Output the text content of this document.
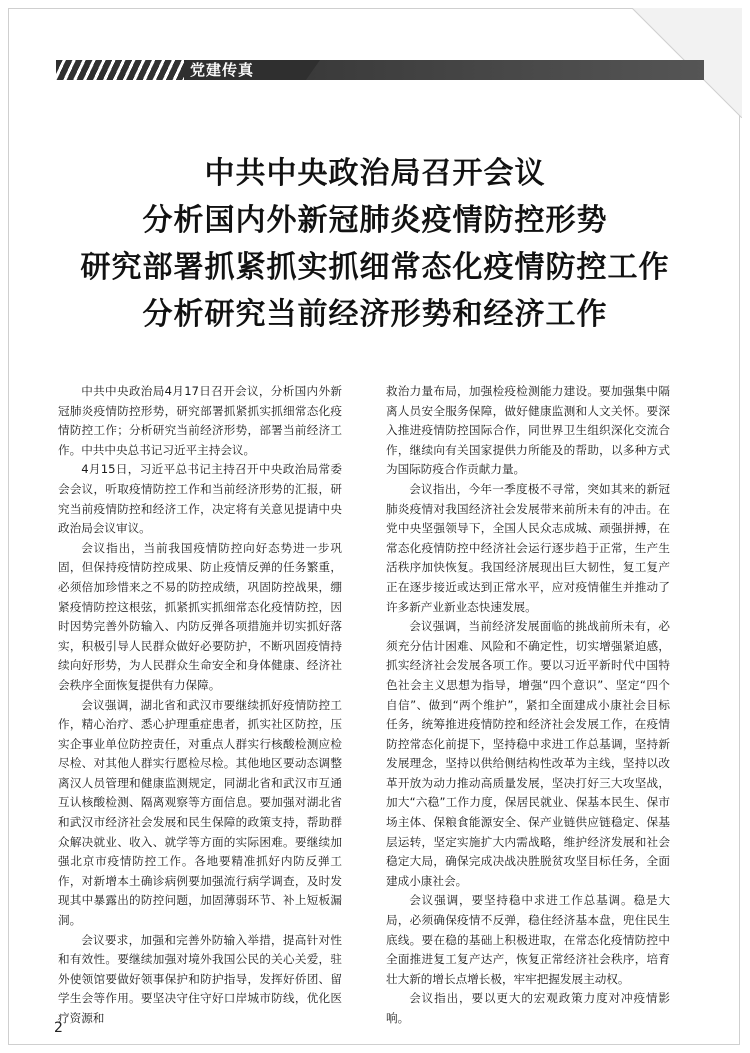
党建传真
中共中央政治局召开会议
分析国内外新冠肺炎疫情防控形势
研究部署抓紧抓实抓细常态化疫情防控工作
分析研究当前经济形势和经济工作

中共中央政治局4月17日召开会议，分析国内外新冠肺炎疫情防控形势，研究部署抓紧抓实抓细常态化疫情防控工作；分析研究当前经济形势，部署当前经济工作。中共中央总书记习近平主持会议。

4月15日，习近平总书记主持召开中央政治局常委会会议，听取疫情防控工作和当前经济形势的汇报，研究当前疫情防控和经济工作，决定将有关意见提请中央政治局会议审议。

会议指出，当前我国疫情防控向好态势进一步巩固，但保持疫情防控成果、防止疫情反弹的任务繁重，必须倍加珍惜来之不易的防控成绩，巩固防控战果，绷紧疫情防控这根弦，抓紧抓实抓细常态化疫情防控，因时因势完善外防输入、内防反弹各项措施并切实抓好落实，积极引导人民群众做好必要防护，不断巩固疫情持续向好形势，为人民群众生命安全和身体健康、经济社会秩序全面恢复提供有力保障。

会议强调，湖北省和武汉市要继续抓好疫情防控工作，精心治疗、悉心护理重症患者，抓实社区防控，压实企事业单位防控责任，对重点人群实行核酸检测应检尽检、对其他人群实行愿检尽检。其他地区要动态调整离汉人员管理和健康监测规定，同湖北省和武汉市互通互认核酸检测、隔离观察等方面信息。要加强对湖北省和武汉市经济社会发展和民生保障的政策支持，帮助群众解决就业、收入、就学等方面的实际困难。要继续加强北京市疫情防控工作。各地要精准抓好内防反弹工作，对新增本土确诊病例要加强流行病学调查，及时发现其中暴露出的防控问题，加固薄弱环节、补上短板漏洞。

会议要求，加强和完善外防输入举措，提高针对性和有效性。要继续加强对境外我国公民的关心关爱，驻外使领馆要做好领事保护和防护指导，发挥好侨团、留学生会等作用。要坚决守住守好口岸城市防线，优化医疗资源和

救治力量布局，加强检疫检测能力建设。要加强集中隔离人员安全服务保障，做好健康监测和人文关怀。要深入推进疫情防控国际合作，同世界卫生组织深化交流合作，继续向有关国家提供力所能及的帮助，以多种方式为国际防疫合作贡献力量。

会议指出，今年一季度极不寻常，突如其来的新冠肺炎疫情对我国经济社会发展带来前所未有的冲击。在党中央坚强领导下，全国人民众志成城、顽强拼搏，在常态化疫情防控中经济社会运行逐步趋于正常，生产生活秩序加快恢复。我国经济展现出巨大韧性，复工复产正在逐步接近或达到正常水平，应对疫情催生并推动了许多新产业新业态快速发展。

会议强调，当前经济发展面临的挑战前所未有，必须充分估计困难、风险和不确定性，切实增强紧迫感，抓实经济社会发展各项工作。要以习近平新时代中国特色社会主义思想为指导，增强“四个意识”、坚定“四个自信”、做到“两个维护”，紧扣全面建成小康社会目标任务，统筹推进疫情防控和经济社会发展工作，在疫情防控常态化前提下，坚持稳中求进工作总基调，坚持新发展理念，坚持以供给侧结构性改革为主线，坚持以改革开放为动力推动高质量发展，坚决打好三大攻坚战，加大“六稳”工作力度，保居民就业、保基本民生、保市场主体、保粮食能源安全、保产业链供应链稳定、保基层运转，坚定实施扩大内需战略，维护经济发展和社会稳定大局，确保完成决战决胜脱贫攻坚目标任务，全面建成小康社会。

会议强调，要坚持稳中求进工作总基调。稳是大局，必须确保疫情不反弹，稳住经济基本盘，兜住民生底线。要在稳的基础上积极进取，在常态化疫情防控中全面推进复工复产达产，恢复正常经济社会秩序，培育壮大新的增长点增长极，牢牢把握发展主动权。

会议指出，要以更大的宏观政策力度对冲疫情影响。

2
